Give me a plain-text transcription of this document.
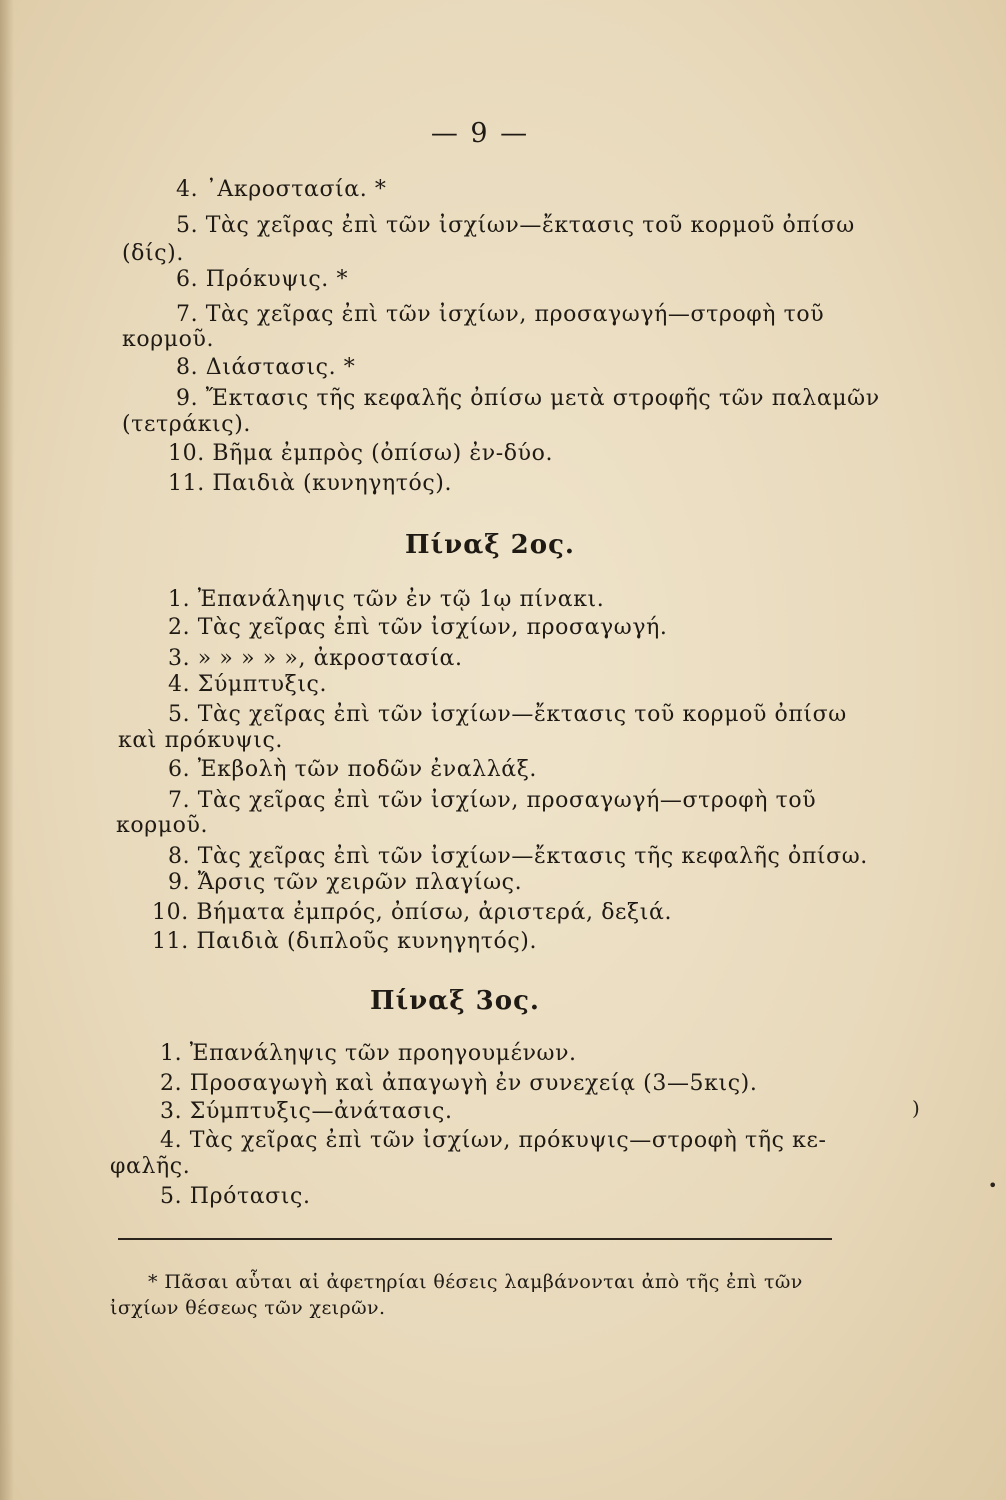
— 9 —
4. ᾿Ακροστασία. *
5. Τὰς χεῖρας ἐπὶ τῶν ἰσχίων—ἔκτασις τοῦ κορμοῦ ὀπίσω
(δίς).
6. Πρόκυψις. *
7. Τὰς χεῖρας ἐπὶ τῶν ἰσχίων, προσαγωγή—στροφὴ τοῦ
κορμοῦ.
8. Διάστασις. *
9. Ἔκτασις τῆς κεφαλῆς ὀπίσω μετὰ στροφῆς τῶν παλαμῶν
(τετράκις).
10. Βῆμα ἐμπρὸς (ὀπίσω) ἐν-δύο.
11. Παιδιὰ (κυνηγητός).
Πίναξ 2ος.
1. Ἐπανάληψις τῶν ἐν τῷ 1ῳ πίνακι.
2. Τὰς χεῖρας ἐπὶ τῶν ἰσχίων, προσαγωγή.
3. » » » » », ἀκροστασία.
4. Σύμπτυξις.
5. Τὰς χεῖρας ἐπὶ τῶν ἰσχίων—ἔκτασις τοῦ κορμοῦ ὀπίσω
καὶ πρόκυψις.
6. Ἐκβολὴ τῶν ποδῶν ἐναλλάξ.
7. Τὰς χεῖρας ἐπὶ τῶν ἰσχίων, προσαγωγή—στροφὴ τοῦ
κορμοῦ.
8. Τὰς χεῖρας ἐπὶ τῶν ἰσχίων—ἔκτασις τῆς κεφαλῆς ὀπίσω.
9. Ἄρσις τῶν χειρῶν πλαγίως.
10. Βήματα ἐμπρός, ὀπίσω, ἀριστερά, δεξιά.
11. Παιδιὰ (διπλοῦς κυνηγητός).
Πίναξ 3ος.
1. Ἐπανάληψις τῶν προηγουμένων.
2. Προσαγωγὴ καὶ ἀπαγωγὴ ἐν συνεχείᾳ (3—5κις).
3. Σύμπτυξις—ἀνάτασις.
4. Τὰς χεῖρας ἐπὶ τῶν ἰσχίων, πρόκυψις—στροφὴ τῆς κε-
φαλῆς.
5. Πρότασις.
* Πᾶσαι αὗται αἱ ἀφετηρίαι θέσεις λαμβάνονται ἀπὸ τῆς ἐπὶ τῶν
ἰσχίων θέσεως τῶν χειρῶν.
)
•
